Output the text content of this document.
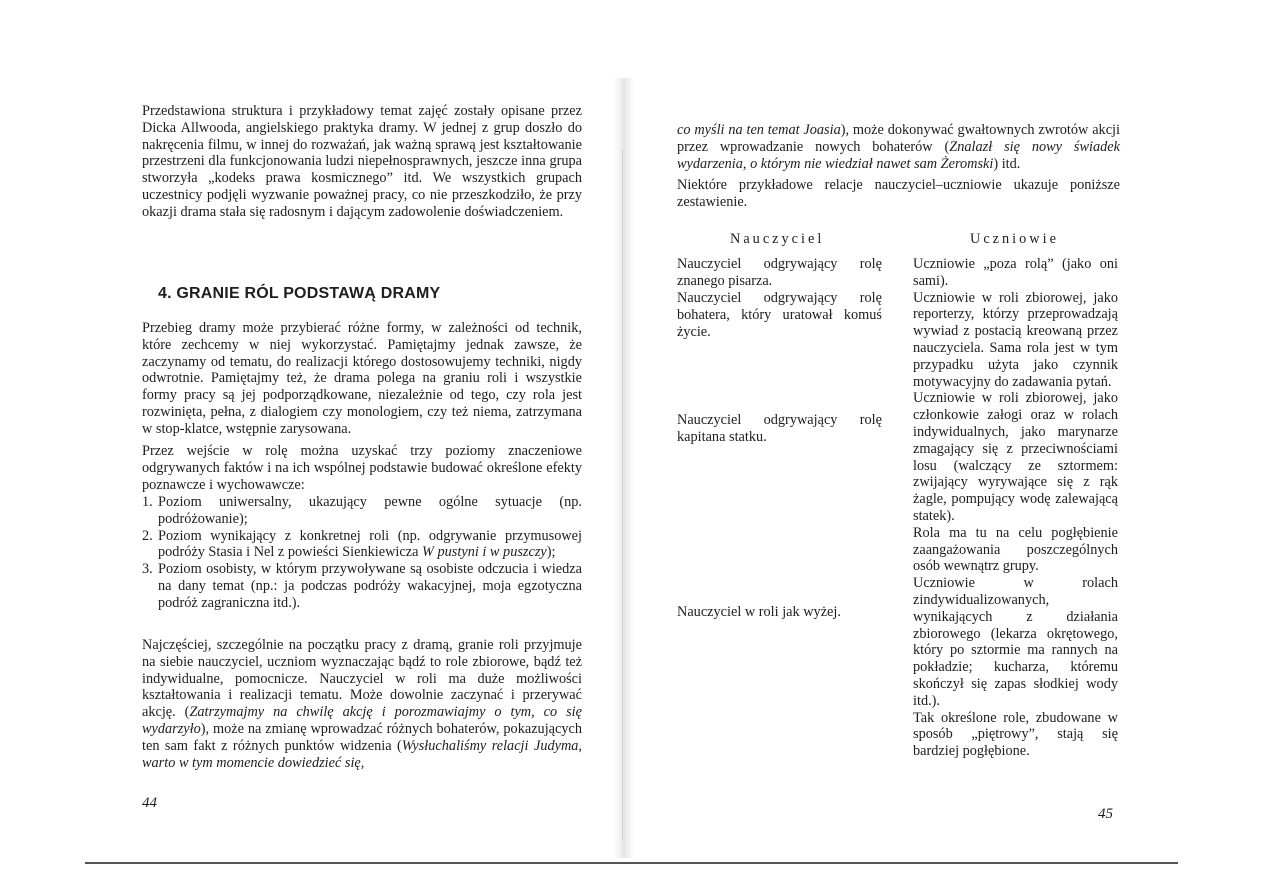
Przedstawiona struktura i przykładowy temat zajęć zostały opisane przez Dicka Allwooda, angielskiego praktyka dramy. W jednej z grup doszło do nakręcenia filmu, w innej do rozważań, jak ważną sprawą jest kształtowanie przestrzeni dla funkcjonowania ludzi niepełnosprawnych, jeszcze inna grupa stworzyła „kodeks prawa kosmicznego” itd. We wszystkich grupach uczestnicy podjęli wyzwanie poważnej pracy, co nie przeszkodziło, że przy okazji drama stała się radosnym i dającym zadowolenie doświadczeniem.

4. GRANIE RÓL PODSTAWĄ DRAMY

Przebieg dramy może przybierać różne formy, w zależności od technik, które zechcemy w niej wykorzystać. Pamiętajmy jednak zawsze, że zaczynamy od tematu, do realizacji którego dostosowujemy techniki, nigdy odwrotnie. Pamiętajmy też, że drama polega na graniu roli i wszystkie formy pracy są jej podporządkowane, niezależnie od tego, czy rola jest rozwinięta, pełna, z dialogiem czy monologiem, czy też niema, zatrzymana w stop-klatce, wstępnie zarysowana.

Przez wejście w rolę można uzyskać trzy poziomy znaczeniowe odgrywanych faktów i na ich wspólnej podstawie budować określone efekty poznawcze i wychowawcze:

1. Poziom uniwersalny, ukazujący pewne ogólne sytuacje (np. podróżowanie);
2. Poziom wynikający z konkretnej roli (np. odgrywanie przymusowej podróży Stasia i Nel z powieści Sienkiewicza W pustyni i w puszczy);
3. Poziom osobisty, w którym przywoływane są osobiste odczucia i wiedza na dany temat (np.: ja podczas podróży wakacyjnej, moja egzotyczna podróż zagraniczna itd.).

Najczęściej, szczególnie na początku pracy z dramą, granie roli przyjmuje na siebie nauczyciel, uczniom wyznaczając bądź to role zbiorowe, bądź też indywidualne, pomocnicze. Nauczyciel w roli ma duże możliwości kształtowania i realizacji tematu. Może dowolnie zaczynać i przerywać akcję. (Zatrzymajmy na chwilę akcję i porozmawiajmy o tym, co się wydarzyło), może na zmianę wprowadzać różnych bohaterów, pokazujących ten sam fakt z różnych punktów widzenia (Wysłuchaliśmy relacji Judyma, warto w tym momencie dowiedzieć się,

44

co myśli na ten temat Joasia), może dokonywać gwałtownych zwrotów akcji przez wprowadzanie nowych bohaterów (Znalazł się nowy świadek wydarzenia, o którym nie wiedział nawet sam Żeromski) itd.

Niektóre przykładowe relacje nauczyciel–uczniowie ukazuje poniższe zestawienie.

Nauczyciel	Uczniowie

Nauczyciel odgrywający rolę znanego pisarza.

Nauczyciel odgrywający rolę bohatera, który uratował komuś życie.

Nauczyciel odgrywający rolę kapitana statku.

Nauczyciel w roli jak wyżej.

Uczniowie „poza rolą” (jako oni sami).
Uczniowie w roli zbiorowej, jako reporterzy, którzy przeprowadzają wywiad z postacią kreowaną przez nauczyciela. Sama rola jest w tym przypadku użyta jako czynnik motywacyjny do zadawania pytań.
Uczniowie w roli zbiorowej, jako członkowie załogi oraz w rolach indywidualnych, jako marynarze zmagający się z przeciwnościami losu (walczący ze sztormem: zwijający wyrywające się z rąk żagle, pompujący wodę zalewającą statek).
Rola ma tu na celu pogłębienie zaangażowania poszczególnych osób wewnątrz grupy.
Uczniowie w rolach zindywidualizowanych, wynikających z działania zbiorowego (lekarza okrętowego, który po sztormie ma rannych na pokładzie; kucharza, któremu skończył się zapas słodkiej wody itd.).
Tak określone role, zbudowane w sposób „piętrowy”, stają się bardziej pogłębione.
45
